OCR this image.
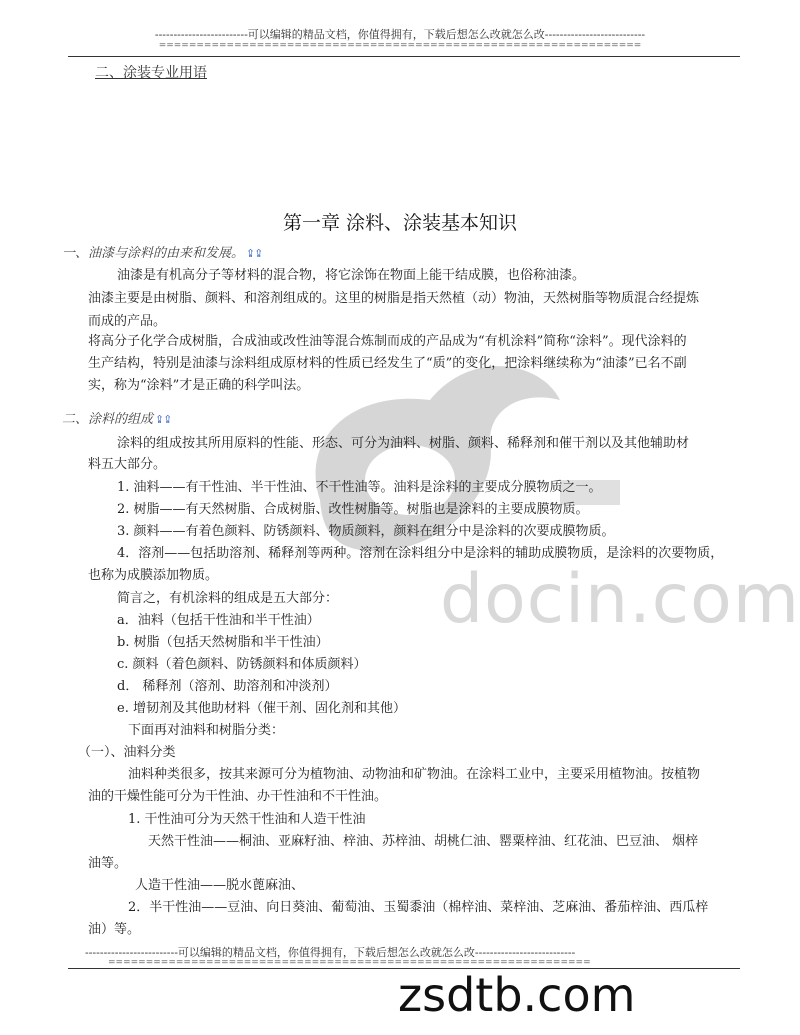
-------------------------可以编辑的精品文档，你值得拥有，下载后想怎么改就怎么改---------------------------
================================================================
二、涂装专业用语
docin.com
第一章 涂料、涂装基本知识
一、油漆与涂料的由来和发展。 ⇪⇪
油漆是有机高分子等材料的混合物，将它涂饰在物面上能干结成膜，也俗称油漆。
油漆主要是由树脂、颜料、和溶剂组成的。这里的树脂是指天然植（动）物油，天然树脂等物质混合经提炼
而成的产品。
将高分子化学合成树脂，合成油或改性油等混合炼制而成的产品成为“有机涂料”简称“涂料”。现代涂料的
生产结构，特别是油漆与涂料组成原材料的性质已经发生了“质”的变化，把涂料继续称为“油漆”已名不副
实，称为“涂料”才是正确的科学叫法。
二、涂料的组成 ⇪⇪
涂料的组成按其所用原料的性能、形态、可分为油料、树脂、颜料、稀释剂和催干剂以及其他辅助材
料五大部分。
1. 油料——有干性油、半干性油、不干性油等。油料是涂料的主要成分膜物质之一。
2. 树脂——有天然树脂、合成树脂、改性树脂等。树脂也是涂料的主要成膜物质。
3. 颜料——有着色颜料、防锈颜料、物质颜料，颜料在组分中是涂料的次要成膜物质。
4．溶剂——包括助溶剂、稀释剂等两种。溶剂在涂料组分中是涂料的辅助成膜物质，是涂料的次要物质，
也称为成膜添加物质。
简言之，有机涂料的组成是五大部分：
a．油料（包括干性油和半干性油）
b. 树脂（包括天然树脂和半干性油）
c. 颜料（着色颜料、防锈颜料和体质颜料）
d． 稀释剂（溶剂、助溶剂和冲淡剂）
e. 增韧剂及其他助材料（催干剂、固化剂和其他）
下面再对油料和树脂分类：
（一）、油料分类
油料种类很多，按其来源可分为植物油、动物油和矿物油。在涂料工业中，主要采用植物油。按植物
油的干燥性能可分为干性油、办干性油和不干性油。
1. 干性油可分为天然干性油和人造干性油
天然干性油——桐油、亚麻籽油、梓油、苏梓油、胡桃仁油、罂粟梓油、红花油、巴豆油、 烟梓
油等。
人造干性油——脱水蓖麻油、
2．半干性油——豆油、向日葵油、葡萄油、玉蜀黍油（棉梓油、菜梓油、芝麻油、番茄梓油、西瓜梓
油）等。
-------------------------可以编辑的精品文档，你值得拥有，下载后想怎么改就怎么改---------------------------
================================================================
zsdtb.com
